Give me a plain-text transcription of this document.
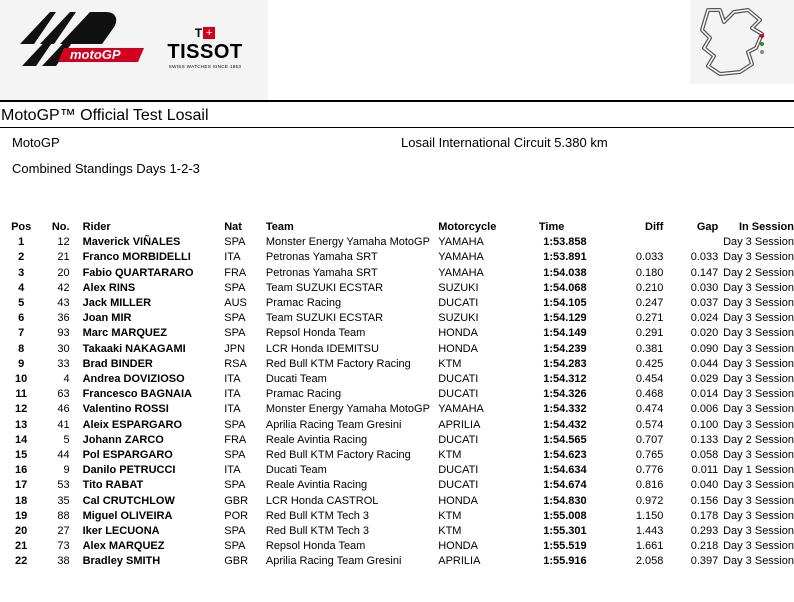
motoGP
T +
TISSOT
SWISS WATCHES SINCE 1853
MotoGP™ Official Test Losail
MotoGP	Losail International Circuit 5.380 km
Combined Standings Days 1-2-3
Pos	No.	Rider	Nat	Team	Motorcycle	Time	Diff	Gap	In Session
1	12	Maverick VIÑALES	SPA	Monster Energy Yamaha MotoGP	YAMAHA	1:53.858			Day 3 Session
2	21	Franco MORBIDELLI	ITA	Petronas Yamaha SRT	YAMAHA	1:53.891	0.033	0.033	Day 3 Session
3	20	Fabio QUARTARARO	FRA	Petronas Yamaha SRT	YAMAHA	1:54.038	0.180	0.147	Day 2 Session
4	42	Alex RINS	SPA	Team SUZUKI ECSTAR	SUZUKI	1:54.068	0.210	0.030	Day 3 Session
5	43	Jack MILLER	AUS	Pramac Racing	DUCATI	1:54.105	0.247	0.037	Day 3 Session
6	36	Joan MIR	SPA	Team SUZUKI ECSTAR	SUZUKI	1:54.129	0.271	0.024	Day 3 Session
7	93	Marc MARQUEZ	SPA	Repsol Honda Team	HONDA	1:54.149	0.291	0.020	Day 3 Session
8	30	Takaaki NAKAGAMI	JPN	LCR Honda IDEMITSU	HONDA	1:54.239	0.381	0.090	Day 3 Session
9	33	Brad BINDER	RSA	Red Bull KTM Factory Racing	KTM	1:54.283	0.425	0.044	Day 3 Session
10	4	Andrea DOVIZIOSO	ITA	Ducati Team	DUCATI	1:54.312	0.454	0.029	Day 3 Session
11	63	Francesco BAGNAIA	ITA	Pramac Racing	DUCATI	1:54.326	0.468	0.014	Day 3 Session
12	46	Valentino ROSSI	ITA	Monster Energy Yamaha MotoGP	YAMAHA	1:54.332	0.474	0.006	Day 3 Session
13	41	Aleix ESPARGARO	SPA	Aprilia Racing Team Gresini	APRILIA	1:54.432	0.574	0.100	Day 3 Session
14	5	Johann ZARCO	FRA	Reale Avintia Racing	DUCATI	1:54.565	0.707	0.133	Day 2 Session
15	44	Pol ESPARGARO	SPA	Red Bull KTM Factory Racing	KTM	1:54.623	0.765	0.058	Day 3 Session
16	9	Danilo PETRUCCI	ITA	Ducati Team	DUCATI	1:54.634	0.776	0.011	Day 1 Session
17	53	Tito RABAT	SPA	Reale Avintia Racing	DUCATI	1:54.674	0.816	0.040	Day 3 Session
18	35	Cal CRUTCHLOW	GBR	LCR Honda CASTROL	HONDA	1:54.830	0.972	0.156	Day 3 Session
19	88	Miguel OLIVEIRA	POR	Red Bull KTM Tech 3	KTM	1:55.008	1.150	0.178	Day 3 Session
20	27	Iker LECUONA	SPA	Red Bull KTM Tech 3	KTM	1:55.301	1.443	0.293	Day 3 Session
21	73	Alex MARQUEZ	SPA	Repsol Honda Team	HONDA	1:55.519	1.661	0.218	Day 3 Session
22	38	Bradley SMITH	GBR	Aprilia Racing Team Gresini	APRILIA	1:55.916	2.058	0.397	Day 3 Session
